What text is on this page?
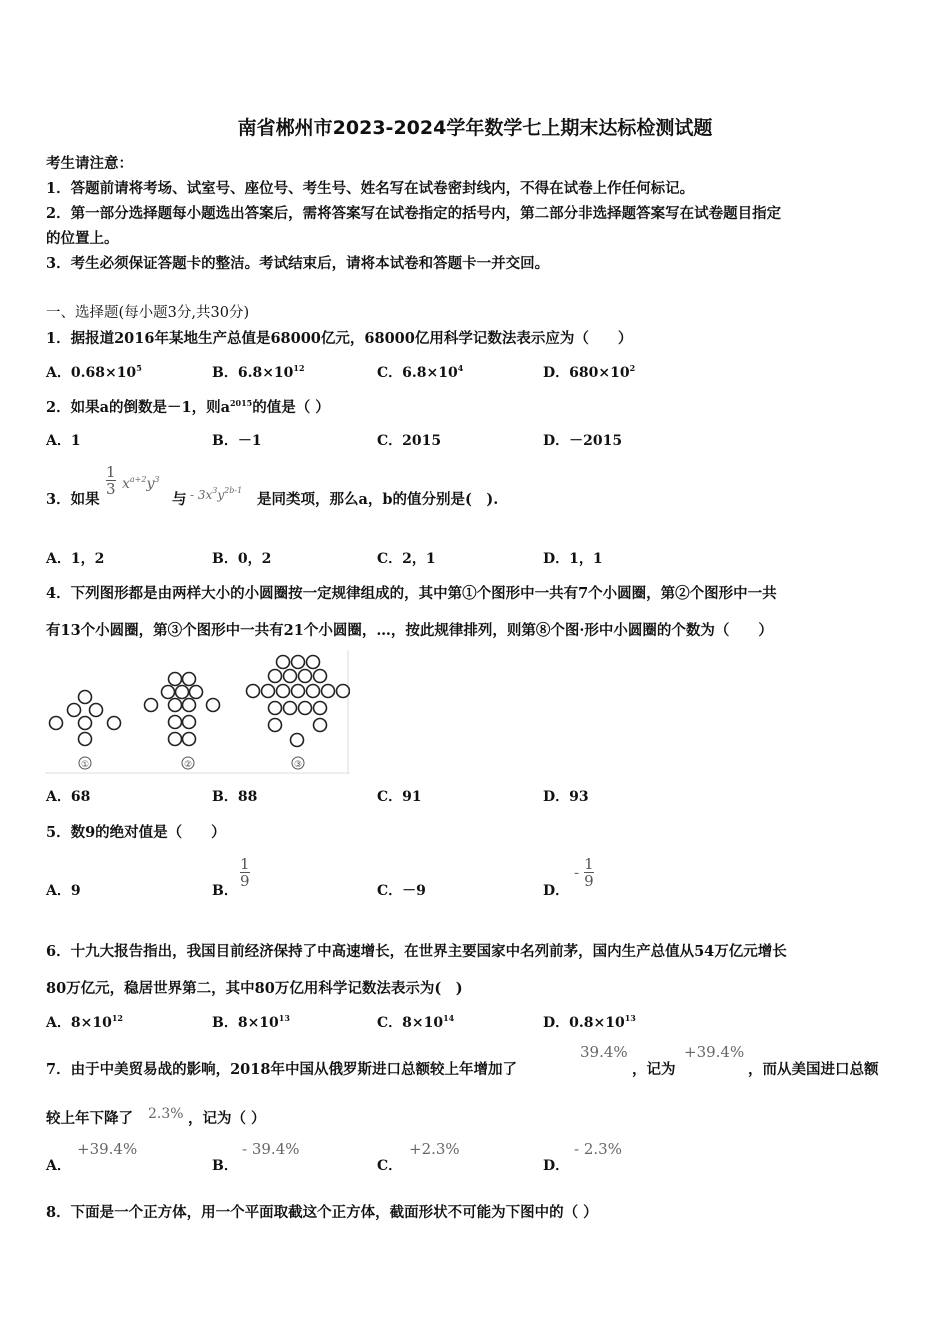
南省郴州市2023-2024学年数学七上期末达标检测试题
考生请注意：
1．答题前请将考场、试室号、座位号、考生号、姓名写在试卷密封线内，不得在试卷上作任何标记。
2．第一部分选择题每小题选出答案后，需将答案写在试卷指定的括号内，第二部分非选择题答案写在试卷题目指定
的位置上。
3．考生必须保证答题卡的整洁。考试结束后，请将本试卷和答题卡一并交回。
一、选择题(每小题3分,共30分)
1．据报道2016年某地生产总值是68000亿元，68000亿用科学记数法表示应为（　　）
A．$0.68\times 10^5$	B．$6.8\times 10^{12}$	C．$6.8\times 10^4$	D．$680\times 10^2$
2．如果a的倒数是－1，则$a^{2015}$的值是（ ）
A．1	B．－1	C．2015	D．－2015
3．如果
$\frac{1}{3} x^{a+2}y^3$
与 - $3x^3y^{2b-1}$
是同类项，那么a，b的值分别是(　).
A．1，2	B．0，2	C．2，1	D．1，1
4．下列图形都是由两样大小的小圆圈按一定规律组成的，其中第①个图形中一共有7个小圆圈，第②个图形中一共
有13个小圆圈，第③个图形中一共有21个小圆圈，…，按此规律排列，则第⑧个图·形中小圆圈的个数为（　　）
①	②	③
A．68	B．88	C．91	D．93
5．数9的绝对值是（　　）
A．9	B．
$\frac{1}{9}$
C．－9	D．
- $\frac{1}{9}$
6．十九大报告指出，我国目前经济保持了中高速增长，在世界主要国家中名列前茅，国内生产总值从54万亿元增长
80万亿元，稳居世界第二，其中80万亿用科学记数法表示为(　)
A．$8\times 10^{12}$	B．$8\times 10^{13}$	C．$8\times 10^{14}$	D．$0.8\times 10^{13}$
7．由于中美贸易战的影响，2018年中国从俄罗斯进口总额较上年增加了
39.4%
，记为
+39.4%
，而从美国进口总额
较上年下降了 2.3% ，记为（ ）
A．
+39.4%
B．
- 39.4%
C．
+2.3%
D．
- 2.3%
8．下面是一个正方体，用一个平面取截这个正方体，截面形状不可能为下图中的（ ）
